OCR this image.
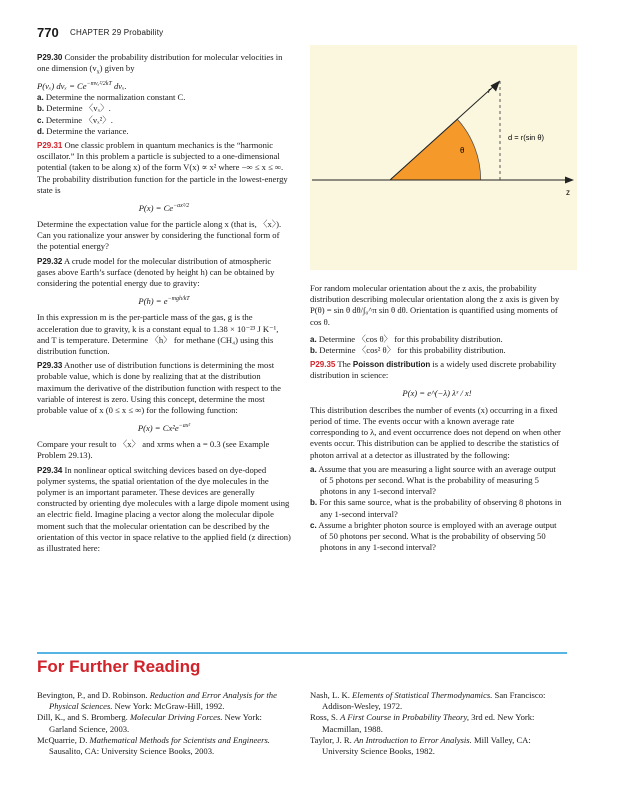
770 CHAPTER 29 Probability

P29.30 Consider the probability distribution for molecular velocities in one dimension $(v_x)$ given by

P(vₓ) $dv_x = Ce^{-mv_x^2/2kT}$ dvₓ.

a. Determine the normalization constant C.

b. Determine 〈vₓ〉.

c. Determine 〈vₓ²〉.

d. Determine the variance.

P29.31 One classic problem in quantum mechanics is the “harmonic oscillator.” In this problem a particle is subjected to a one-dimensional potential (taken to be along x) of the form V(x) ∝ x² where −∞ ≤ x ≤ ∞. The probability distribution function for the particle in the lowest-energy state is

$P(x) = Ce^{-ax^2/2}$

Determine the expectation value for the particle along x (that is, 〈x〉). Can you rationalize your answer by considering the functional form of the potential energy?

P29.32 A crude model for the molecular distribution of atmospheric gases above Earth’s surface (denoted by height h) can be obtained by considering the potential energy due to gravity:

$P(h) = e^{-mgh/kT}$

In this expression m is the per-particle mass of the gas, g is the acceleration due to gravity, k is a constant equal to 1.38 × 10⁻²³ J K⁻¹, and T is temperature. Determine 〈h〉 for methane (CH₄) using this distribution function.

P29.33 Another use of distribution functions is determining the most probable value, which is done by realizing that at the distribution maximum the derivative of the distribution function with respect to the variable of interest is zero. Using this concept, determine the most probable value of x (0 ≤ x ≤ ∞) for the following function:

$P(x) = Cx^2e^{-ax^2}$

Compare your result to 〈x〉 and xrms when a = 0.3 (see Example Problem 29.13).

P29.34 In nonlinear optical switching devices based on dye-doped polymer systems, the spatial orientation of the dye molecules in the polymer is an important parameter. These devices are generally constructed by orienting dye molecules with a large dipole moment using an electric field. Imagine placing a vector along the molecular dipole moment such that the molecular orientation can be described by the orientation of this vector in space relative to the applied field (z direction) as illustrated here:

r
θ
d = r(sin θ)
z

For random molecular orientation about the z axis, the probability distribution describing molecular orientation along the z axis is given by P(θ) = sin θ dθ/∫₀^π sin θ dθ. Orientation is quantified using moments of cos θ.

a. Determine 〈cos θ〉 for this probability distribution.

b. Determine 〈cos² θ〉 for this probability distribution.

P29.35 The Poisson distribution is a widely used discrete probability distribution in science:

P(x) = e^(−λ) λˣ / x!

This distribution describes the number of events (x) occurring in a fixed period of time. The events occur with a known average rate corresponding to λ, and event occurrence does not depend on when other events occur. This distribution can be applied to describe the statistics of photon arrival at a detector as illustrated by the following:

a. Assume that you are measuring a light source with an average output of 5 photons per second. What is the probability of measuring 5 photons in any 1-second interval?

b. For this same source, what is the probability of observing 8 photons in any 1-second interval?

c. Assume a brighter photon source is employed with an average output of 50 photons per second. What is the probability of observing 50 photons in any 1-second interval?

For Further Reading

Bevington, P., and D. Robinson. Reduction and Error Analysis for the Physical Sciences. New York: McGraw-Hill, 1992.

Dill, K., and S. Bromberg. Molecular Driving Forces. New York: Garland Science, 2003.

McQuarrie, D. Mathematical Methods for Scientists and Engineers. Sausalito, CA: University Science Books, 2003.

Nash, L. K. Elements of Statistical Thermodynamics. San Francisco: Addison-Wesley, 1972.

Ross, S. A First Course in Probability Theory, 3rd ed. New York: Macmillan, 1988.

Taylor, J. R. An Introduction to Error Analysis. Mill Valley, CA: University Science Books, 1982.
